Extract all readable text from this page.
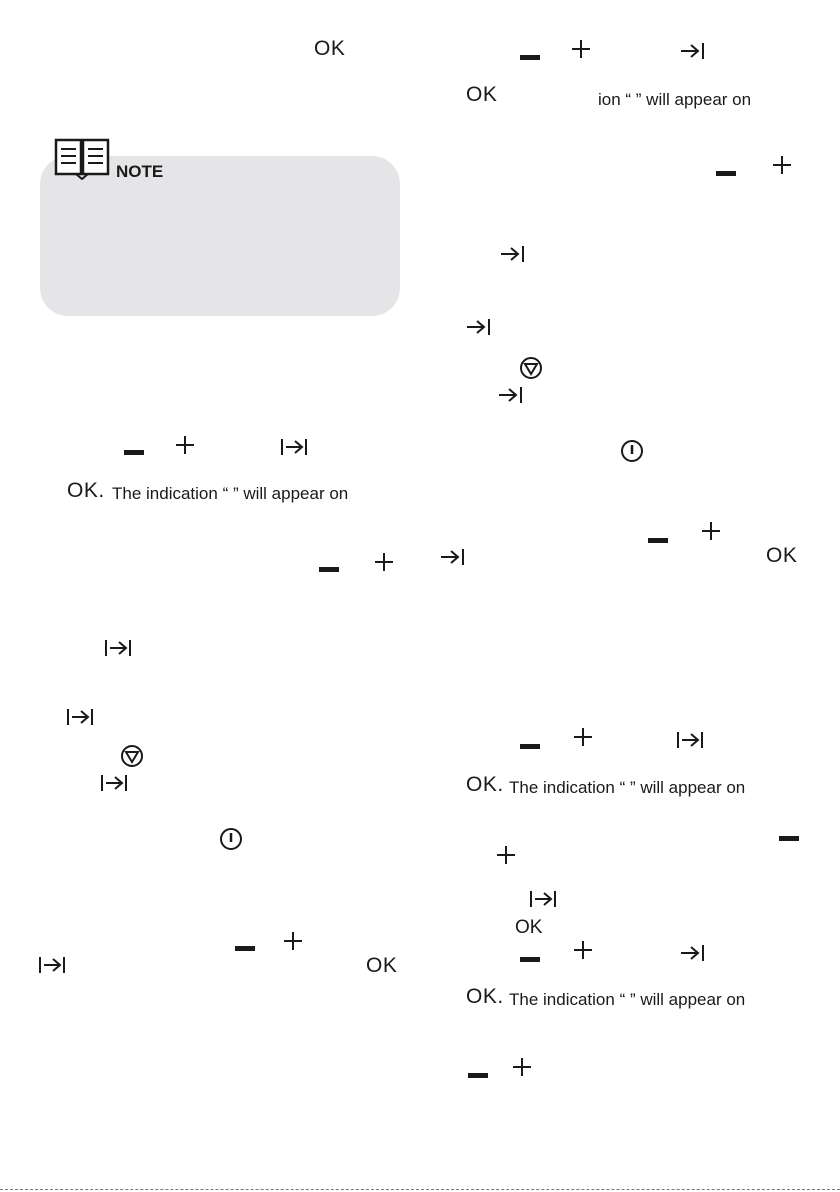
OK
NOTE
OK. The indication “ ” will appear on
OK
OK	ion “ ” will appear on
OK
OK. The indication “ ” will appear on
OK
OK. The indication “ ” will appear on
